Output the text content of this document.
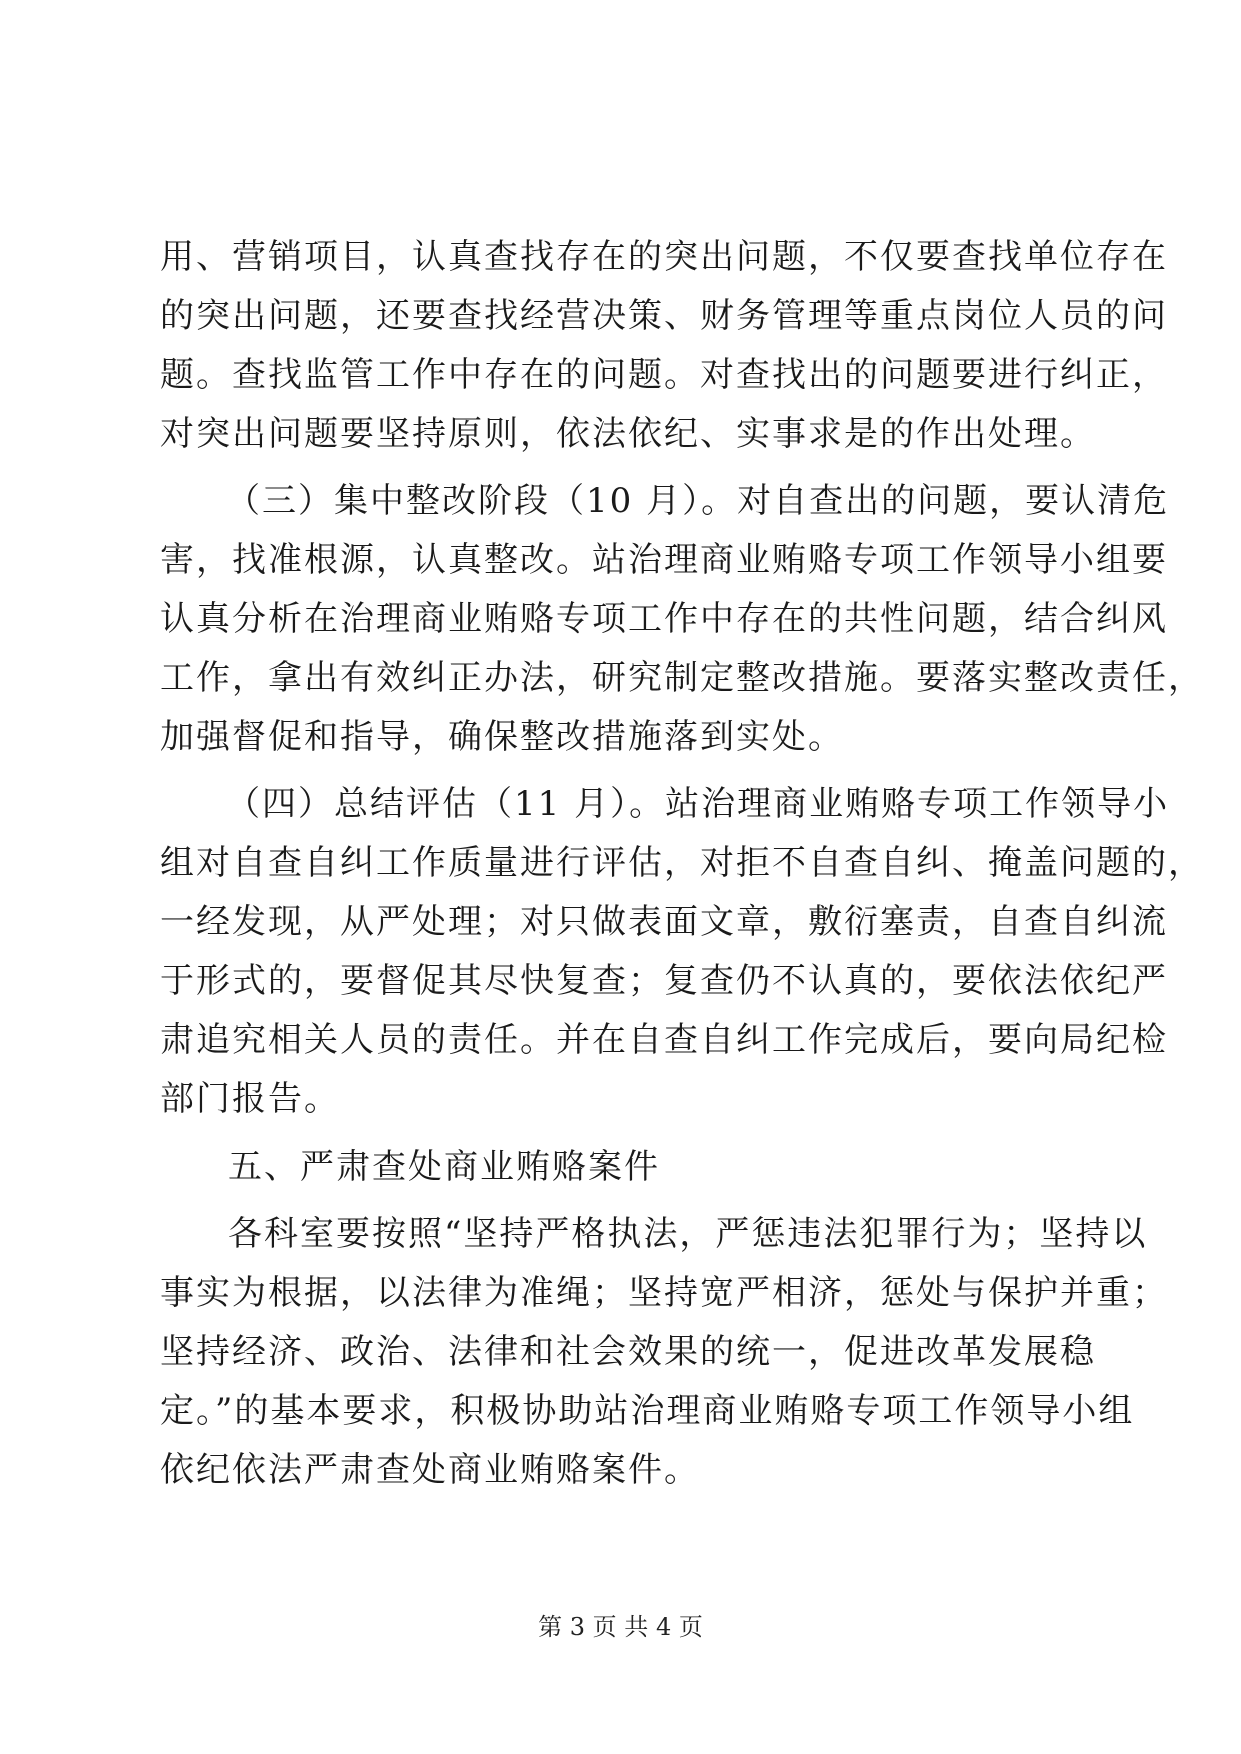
用、营销项目，认真查找存在的突出问题，不仅要查找单位存在
的突出问题，还要查找经营决策、财务管理等重点岗位人员的问
题。查找监管工作中存在的问题。对查找出的问题要进行纠正，
对突出问题要坚持原则，依法依纪、实事求是的作出处理。
（三）集中整改阶段（10 月）。对自查出的问题，要认清危
害，找准根源，认真整改。站治理商业贿赂专项工作领导小组要
认真分析在治理商业贿赂专项工作中存在的共性问题，结合纠风
工作，拿出有效纠正办法，研究制定整改措施。要落实整改责任，
加强督促和指导，确保整改措施落到实处。
（四）总结评估（11 月）。站治理商业贿赂专项工作领导小
组对自查自纠工作质量进行评估，对拒不自查自纠、掩盖问题的，
一经发现，从严处理；对只做表面文章，敷衍塞责，自查自纠流
于形式的，要督促其尽快复查；复查仍不认真的，要依法依纪严
肃追究相关人员的责任。并在自查自纠工作完成后，要向局纪检
部门报告。
五、严肃查处商业贿赂案件
各科室要按照“坚持严格执法，严惩违法犯罪行为；坚持以
事实为根据，以法律为准绳；坚持宽严相济，惩处与保护并重；
坚持经济、政治、法律和社会效果的统一，促进改革发展稳
定。”的基本要求，积极协助站治理商业贿赂专项工作领导小组
依纪依法严肃查处商业贿赂案件。
第 3 页 共 4 页
